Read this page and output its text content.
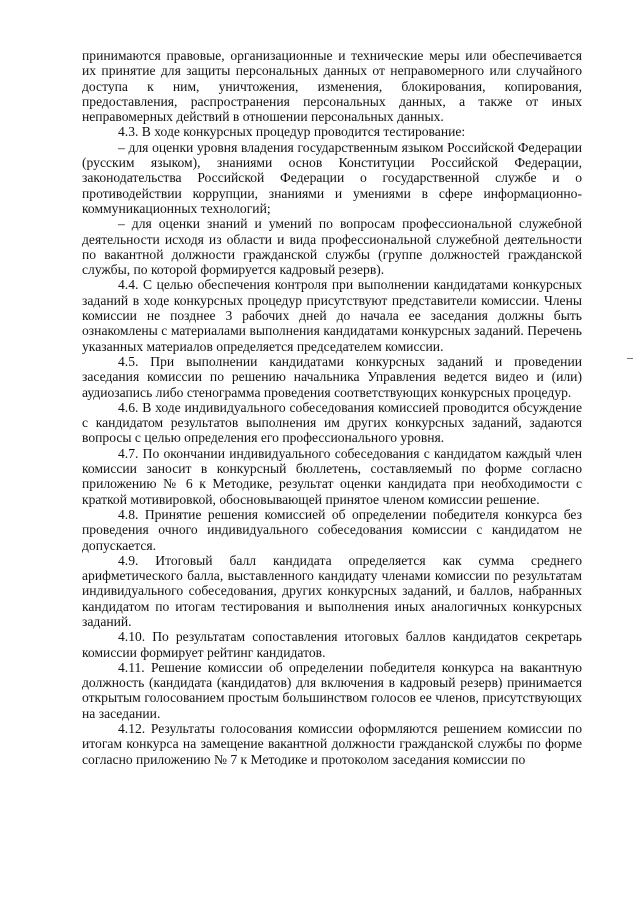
принимаются правовые, организационные и технические меры или обеспечивается их принятие для защиты персональных данных от неправомерного или случайного доступа к ним, уничтожения, изменения, блокирования, копирования, предоставления, распространения персональных данных, а также от иных неправомерных действий в отношении персональных данных.

4.3. В ходе конкурсных процедур проводится тестирование:

– для оценки уровня владения государственным языком Российской Федерации (русским языком), знаниями основ Конституции Российской Федерации, законодательства Российской Федерации о государственной службе и о противодействии коррупции, знаниями и умениями в сфере информационно-коммуникационных технологий;

– для оценки знаний и умений по вопросам профессиональной служебной деятельности исходя из области и вида профессиональной служебной деятельности по вакантной должности гражданской службы (группе должностей гражданской службы, по которой формируется кадровый резерв).

4.4. С целью обеспечения контроля при выполнении кандидатами конкурсных заданий в ходе конкурсных процедур присутствуют представители комиссии. Члены комиссии не позднее 3 рабочих дней до начала ее заседания должны быть ознакомлены с материалами выполнения кандидатами конкурсных заданий. Перечень указанных материалов определяется председателем комиссии.

4.5. При выполнении кандидатами конкурсных заданий и проведении заседания комиссии по решению начальника Управления ведется видео и (или) аудиозапись либо стенограмма проведения соответствующих конкурсных процедур.

4.6. В ходе индивидуального собеседования комиссией проводится обсуждение с кандидатом результатов выполнения им других конкурсных заданий, задаются вопросы с целью определения его профессионального уровня.

4.7. По окончании индивидуального собеседования с кандидатом каждый член комиссии заносит в конкурсный бюллетень, составляемый по форме согласно приложению № 6 к Методике, результат оценки кандидата при необходимости с краткой мотивировкой, обосновывающей принятое членом комиссии решение.

4.8. Принятие решения комиссией об определении победителя конкурса без проведения очного индивидуального собеседования комиссии с кандидатом не допускается.

4.9. Итоговый балл кандидата определяется как сумма среднего арифметического балла, выставленного кандидату членами комиссии по результатам индивидуального собеседования, других конкурсных заданий, и баллов, набранных кандидатом по итогам тестирования и выполнения иных аналогичных конкурсных заданий.

4.10. По результатам сопоставления итоговых баллов кандидатов секретарь комиссии формирует рейтинг кандидатов.

4.11. Решение комиссии об определении победителя конкурса на вакантную должность (кандидата (кандидатов) для включения в кадровый резерв) принимается открытым голосованием простым большинством голосов ее членов, присутствующих на заседании.

4.12. Результаты голосования комиссии оформляются решением комиссии по итогам конкурса на замещение вакантной должности гражданской службы по форме согласно приложению № 7 к Методике и протоколом заседания комиссии по
